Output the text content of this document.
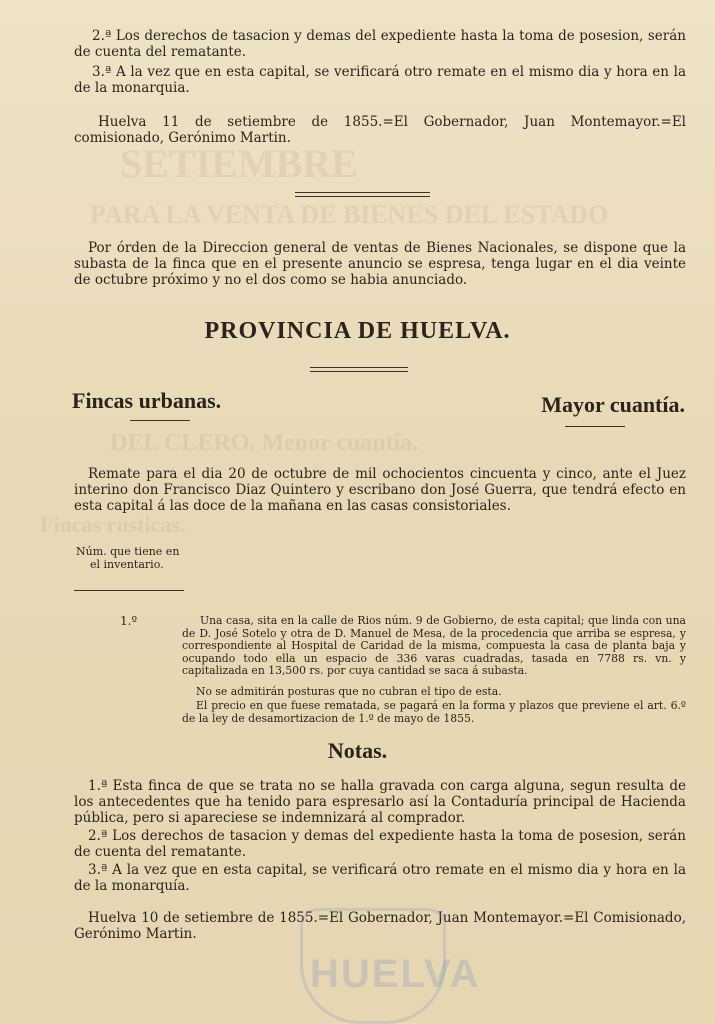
PARA LA VENTA DE BIENES DEL ESTADO
SETIEMBRE
DEL CLERO. Menor cuantía.
Fincas rusticas.
2.ª Los derechos de tasacion y demas del expediente hasta la toma de posesion, serán de cuenta del rematante.
3.ª A la vez que en esta capital, se verificará otro remate en el mismo dia y hora en la de la monarquia.
Huelva 11 de setiembre de 1855.=El Gobernador, Juan Montemayor.=El comisionado, Gerónimo Martin.
Por órden de la Direccion general de ventas de Bienes Nacionales, se dispone que la subasta de la finca que en el presente anuncio se espresa, tenga lugar en el dia veinte de octubre próximo y no el dos como se habia anunciado.
PROVINCIA DE HUELVA.
Fincas urbanas.	Mayor cuantía.
Remate para el dia 20 de octubre de mil ochocientos cincuenta y cinco, ante el Juez interino don Francisco Diaz Quintero y escribano don José Guerra, que tendrá efecto en esta capital á las doce de la mañana en las casas consistoriales.
Núm. que tiene en
el inventario.
1.º	Una casa, sita en la calle de Rios núm. 9 de Gobierno, de esta capital; que linda con una de D. José Sotelo y otra de D. Manuel de Mesa, de la procedencia que arriba se espresa, y correspondiente al Hospital de Caridad de la misma, compuesta la casa de planta baja y ocupando todo ella un espacio de 336 varas cuadradas, tasada en 7788 rs. vn. y capitalizada en 13,500 rs. por cuya cantidad se saca á subasta.
No se admitirán posturas que no cubran el tipo de esta.
El precio en que fuese rematada, se pagará en la forma y plazos que previene el art. 6.º de la ley de desamortizacion de 1.º de mayo de 1855.
Notas.
1.ª Esta finca de que se trata no se halla gravada con carga alguna, segun resulta de los antecedentes que ha tenido para espresarlo así la Contaduría principal de Hacienda pública, pero si apareciese se indemnizará al comprador.
2.ª Los derechos de tasacion y demas del expediente hasta la toma de posesion, serán de cuenta del rematante.
3.ª A la vez que en esta capital, se verificará otro remate en el mismo dia y hora en la de la monarquía.
Huelva 10 de setiembre de 1855.=El Gobernador, Juan Montemayor.=El Comisionado, Gerónimo Martin.
HUELVA
